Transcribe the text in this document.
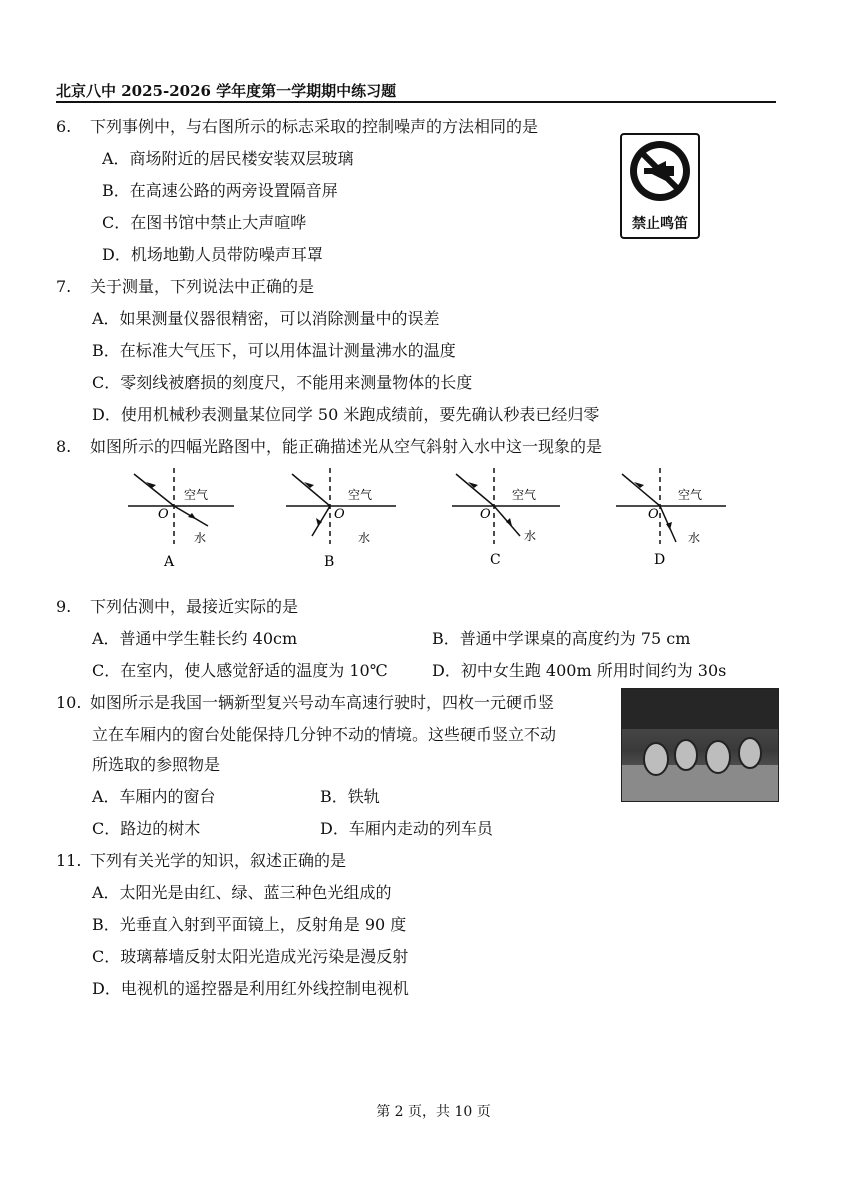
北京八中 2025-2026 学年度第一学期期中练习题
6. 下列事例中，与右图所示的标志采取的控制噪声的方法相同的是
A．商场附近的居民楼安装双层玻璃
B．在高速公路的两旁设置隔音屏
C．在图书馆中禁止大声喧哗
D．机场地勤人员带防噪声耳罩
禁止鸣笛
7. 关于测量，下列说法中正确的是
A．如果测量仪器很精密，可以消除测量中的误差
B．在标准大气压下，可以用体温计测量沸水的温度
C．零刻线被磨损的刻度尺，不能用来测量物体的长度
D．使用机械秒表测量某位同学 50 米跑成绩前，要先确认秒表已经归零
8. 如图所示的四幅光路图中，能正确描述光从空气斜射入水中这一现象的是
空气
O
水
A
空气
O
水
B
空气
O
水
C
空气
O
水
D
9. 下列估测中，最接近实际的是
A．普通中学生鞋长约 40cm	B．普通中学课桌的高度约为 75 cm
C．在室内，使人感觉舒适的温度为 10℃	D．初中女生跑 400m 所用时间约为 30s
10. 如图所示是我国一辆新型复兴号动车高速行驶时，四枚一元硬币竖
立在车厢内的窗台处能保持几分钟不动的情境。这些硬币竖立不动
所选取的参照物是
A．车厢内的窗台	B．铁轨
C．路边的树木	D．车厢内走动的列车员
11. 下列有关光学的知识，叙述正确的是
A．太阳光是由红、绿、蓝三种色光组成的
B．光垂直入射到平面镜上，反射角是 90 度
C．玻璃幕墙反射太阳光造成光污染是漫反射
D．电视机的遥控器是利用红外线控制电视机
第 2 页，共 10 页
